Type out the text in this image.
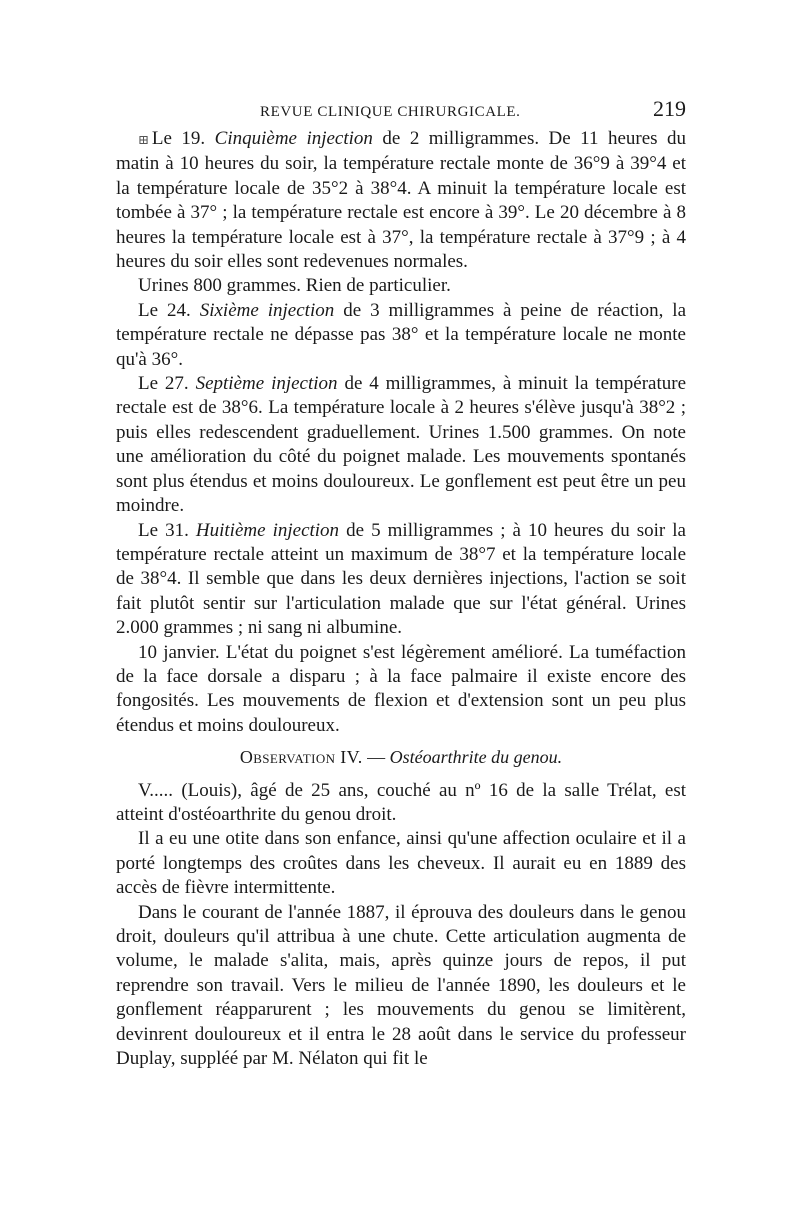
REVUE CLINIQUE CHIRURGICALE.	219

⊞ Le 19. Cinquième injection de 2 milligrammes. De 11 heures du matin à 10 heures du soir, la température rectale monte de 36°9 à 39°4 et la température locale de 35°2 à 38°4. A minuit la température locale est tombée à 37° ; la température rectale est encore à 39°. Le 20 décembre à 8 heures la température locale est à 37°, la température rectale à 37°9 ; à 4 heures du soir elles sont redevenues normales.

Urines 800 grammes. Rien de particulier.

Le 24. Sixième injection de 3 milligrammes à peine de réaction, la température rectale ne dépasse pas 38° et la température locale ne monte qu'à 36°.

Le 27. Septième injection de 4 milligrammes, à minuit la température rectale est de 38°6. La température locale à 2 heures s'élève jusqu'à 38°2 ; puis elles redescendent graduellement. Urines 1.500 grammes. On note une amélioration du côté du poignet malade. Les mouvements spontanés sont plus étendus et moins douloureux. Le gonflement est peut être un peu moindre.

Le 31. Huitième injection de 5 milligrammes ; à 10 heures du soir la température rectale atteint un maximum de 38°7 et la température locale de 38°4. Il semble que dans les deux dernières injections, l'action se soit fait plutôt sentir sur l'articulation malade que sur l'état général. Urines 2.000 grammes ; ni sang ni albumine.

10 janvier. L'état du poignet s'est légèrement amélioré. La tuméfaction de la face dorsale a disparu ; à la face palmaire il existe encore des fongosités. Les mouvements de flexion et d'extension sont un peu plus étendus et moins douloureux.

Observation IV. — Ostéoarthrite du genou.

V..... (Louis), âgé de 25 ans, couché au nº 16 de la salle Trélat, est atteint d'ostéoarthrite du genou droit.

Il a eu une otite dans son enfance, ainsi qu'une affection oculaire et il a porté longtemps des croûtes dans les cheveux. Il aurait eu en 1889 des accès de fièvre intermittente.

Dans le courant de l'année 1887, il éprouva des douleurs dans le genou droit, douleurs qu'il attribua à une chute. Cette articulation augmenta de volume, le malade s'alita, mais, après quinze jours de repos, il put reprendre son travail. Vers le milieu de l'année 1890, les douleurs et le gonflement réapparurent ; les mouvements du genou se limitèrent, devinrent douloureux et il entra le 28 août dans le service du professeur Duplay, suppléé par M. Nélaton qui fit le
